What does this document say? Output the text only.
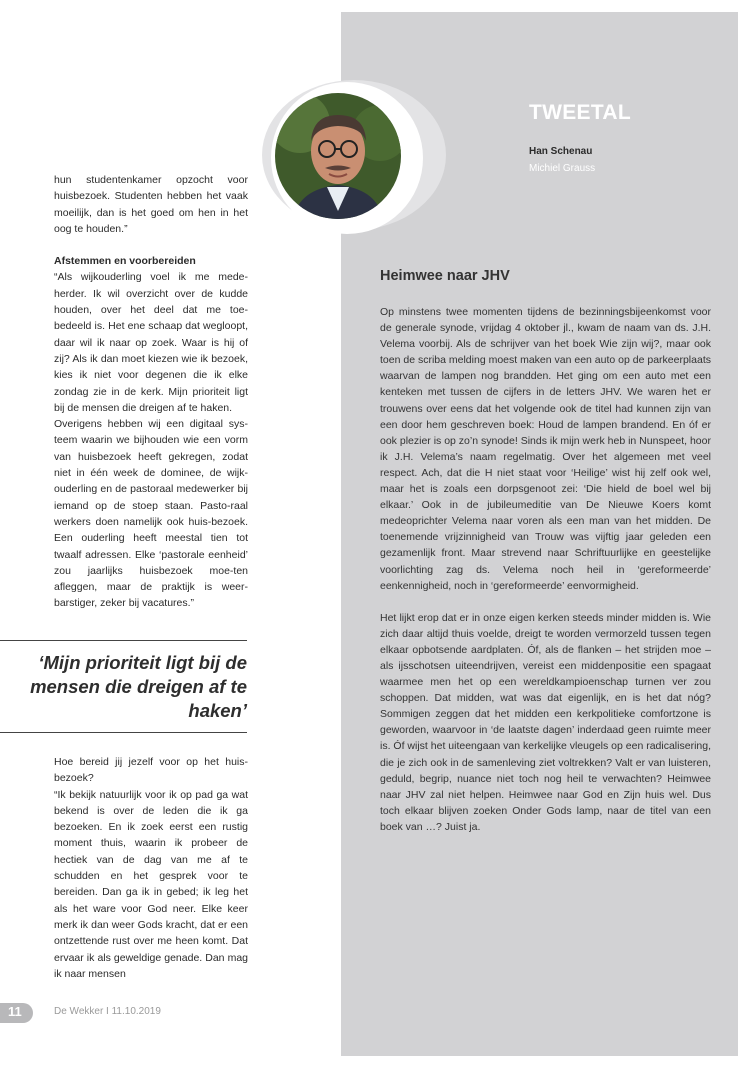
TWEETAL
Han Schenau
Michiel Grauss
Heimwee naar JHV

Op minstens twee momenten tijdens de bezinningsbijeenkomst voor de generale synode, vrijdag 4 oktober jl., kwam de naam van ds. J.H. Velema voorbij. Als de schrijver van het boek Wie zijn wij?, maar ook toen de scriba melding moest maken van een auto op de parkeerplaats waarvan de lampen nog brandden. Het ging om een auto met een kenteken met tussen de cijfers in de letters JHV. We waren het er trouwens over eens dat het volgende ook de titel had kunnen zijn van een door hem geschreven boek: Houd de lampen brandend. En óf er ook plezier is op zo’n synode! Sinds ik mijn werk heb in Nunspeet, hoor ik J.H. Velema’s naam regelmatig. Over het algemeen met veel respect. Ach, dat die H niet staat voor ‘Heilige’ wist hij zelf ook wel, maar het is zoals een dorpsgenoot zei: ‘Die hield de boel wel bij elkaar.’ Ook in de jubileumeditie van De Nieuwe Koers komt medeoprichter Velema naar voren als een man van het midden. De toenemende vrijzinnigheid van Trouw was vijftig jaar geleden een gezamenlijk front. Maar strevend naar Schriftuurlijke en geestelijke voorlichting zag ds. Velema noch heil in ‘gereformeerde’ eenkennigheid, noch in ‘gereformeerde’ eenvormigheid.

Het lijkt erop dat er in onze eigen kerken steeds minder midden is. Wie zich daar altijd thuis voelde, dreigt te worden vermorzeld tussen tegen elkaar opbotsende aardplaten. Óf, als de flanken – het strijden moe – als ijsschotsen uiteendrijven, vereist een middenpositie een spagaat waarmee men het op een wereldkampioenschap turnen ver zou schoppen. Dat midden, wat was dat eigenlijk, en is het dat nóg? Sommigen zeggen dat het midden een kerkpolitieke comfortzone is geworden, waarvoor in ‘de laatste dagen’ inderdaad geen ruimte meer is. Óf wijst het uiteengaan van kerkelijke vleugels op een radicalisering, die je zich ook in de samenleving ziet voltrekken? Valt er van luisteren, geduld, begrip, nuance niet toch nog heil te verwachten? Heimwee naar JHV zal niet helpen. Heimwee naar God en Zijn huis wel. Dus toch elkaar blijven zoeken Onder Gods lamp, naar de titel van een boek van …? Juist ja.

hun studentenkamer opzocht voor huisbezoek. Studenten hebben het vaak moeilijk, dan is het goed om hen in het oog te houden.”

Afstemmen en voorbereiden

“Als wijkouderling voel ik me mede-herder. Ik wil overzicht over de kudde houden, over het deel dat me toe-bedeeld is. Het ene schaap dat wegloopt, daar wil ik naar op zoek. Waar is hij of zij? Als ik dan moet kiezen wie ik bezoek, kies ik niet voor degenen die ik elke zondag zie in de kerk. Mijn prioriteit ligt bij de mensen die dreigen af te haken.

Overigens hebben wij een digitaal sys-teem waarin we bijhouden wie een vorm van huisbezoek heeft gekregen, zodat niet in één week de dominee, de wijk-ouderling en de pastoraal medewerker bij iemand op de stoep staan. Pasto-raal werkers doen namelijk ook huis-bezoek. Een ouderling heeft meestal tien tot twaalf adressen. Elke ‘pastorale eenheid’ zou jaarlijks huisbezoek moe-ten afleggen, maar de praktijk is weer-barstiger, zeker bij vacatures.”

‘Mijn prioriteit ligt bij de mensen die dreigen af te haken’

Hoe bereid jij jezelf voor op het huis-bezoek?

“Ik bekijk natuurlijk voor ik op pad ga wat bekend is over de leden die ik ga bezoeken. En ik zoek eerst een rustig moment thuis, waarin ik probeer de hectiek van de dag van me af te schudden en het gesprek voor te bereiden. Dan ga ik in gebed; ik leg het als het ware voor God neer. Elke keer merk ik dan weer Gods kracht, dat er een ontzettende rust over me heen komt. Dat ervaar ik als geweldige genade. Dan mag ik naar mensen

11	De Wekker I 11.10.2019
